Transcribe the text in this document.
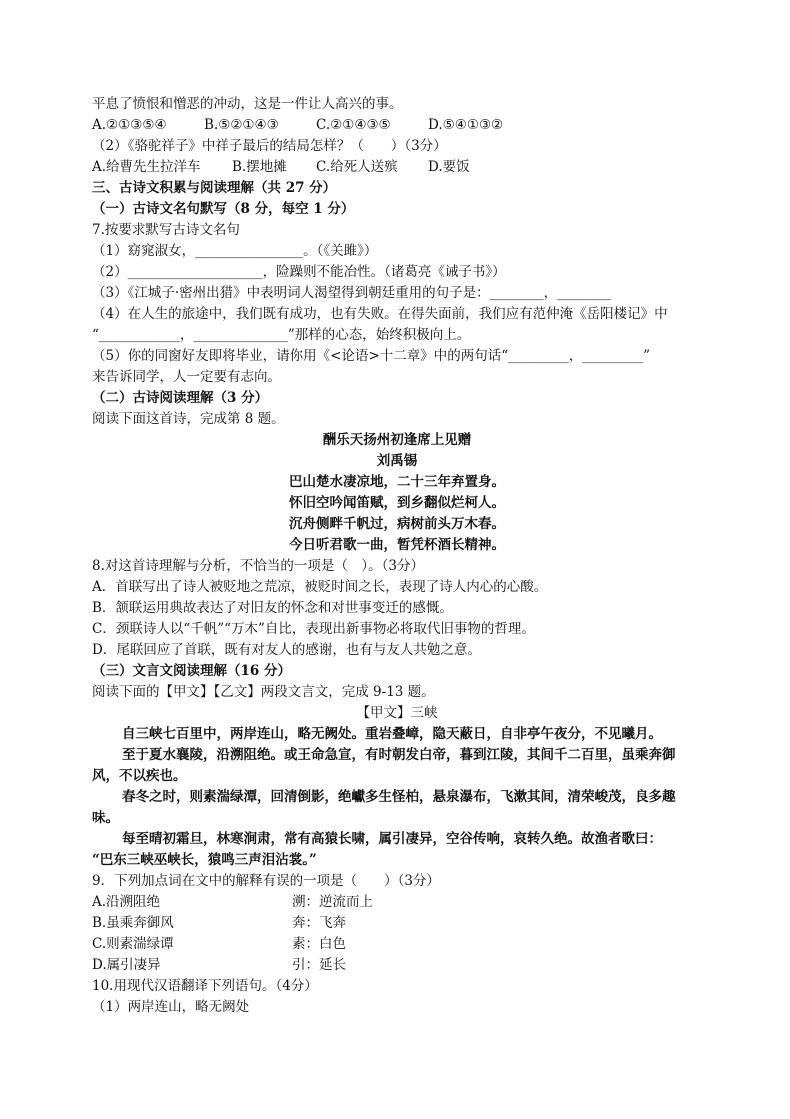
平息了愤恨和憎恶的冲动，这是一件让人高兴的事。
A.②①③⑤④	B.⑤②①④③	C.②①④③⑤	D.⑤④①③②
（2）《骆驼祥子》中祥子最后的结局怎样？（　　）（3分）
A.给曹先生拉洋车 B.摆地摊 C.给死人送殡 D.要饭
三、古诗文积累与阅读理解（共 27 分）
（一）古诗文名句默写（8 分，每空 1 分）
7.按要求默写古诗文名句
（1）窈窕淑女，________________。（《关雎》）
（2）____________________，险躁则不能冶性。（诸葛亮《诫子书》）
（3）《江城子·密州出猎》中表明词人渴望得到朝廷重用的句子是：________，________
（4）在人生的旅途中，我们既有成功，也有失败。在得失面前，我们应有范仲淹《岳阳楼记》中
“____________，______________”那样的心态，始终积极向上。
（5）你的同窗好友即将毕业，请你用《<论语>十二章》中的两句话“_________，_________”
来告诉同学，人一定要有志向。
（二）古诗阅读理解（3 分）
阅读下面这首诗，完成第 8 题。
酬乐天扬州初逢席上见赠
刘禹锡
巴山楚水凄凉地，二十三年弃置身。
怀旧空吟闻笛赋，到乡翻似烂柯人。
沉舟侧畔千帆过，病树前头万木春。
今日听君歌一曲，暂凭杯酒长精神。
8.对这首诗理解与分析，不恰当的一项是（　）。（3分）
A．首联写出了诗人被贬地之荒凉，被贬时间之长，表现了诗人内心的心酸。
B．颔联运用典故表达了对旧友的怀念和对世事变迁的感慨。
C．颈联诗人以“千帆”“万木”自比，表现出新事物必将取代旧事物的哲理。
D．尾联回应了首联，既有对友人的感谢，也有与友人共勉之意。
（三）文言文阅读理解（16 分）
阅读下面的【甲文】【乙文】两段文言文，完成 9-13 题。
【甲文】三峡
自三峡七百里中，两岸连山，略无阙处。重岩叠嶂，隐天蔽日，自非亭午夜分，不见曦月。
至于夏水襄陵，沿溯阻绝。或王命急宣，有时朝发白帝，暮到江陵，其间千二百里，虽乘奔御
风，不以疾也。
春冬之时，则素湍绿潭，回清倒影，绝巘多生怪柏，悬泉瀑布，飞漱其间，清荣峻茂，良多趣
味。
每至晴初霜旦，林寒涧肃，常有高猿长啸，属引凄异，空谷传响，哀转久绝。故渔者歌曰：
“巴东三峡巫峡长，猿鸣三声泪沾裳。”
9．下列加点词在文中的解释有误的一项是（　　）（3分）
A.沿溯阻绝	溯：逆流而上
B.虽乘奔御风	奔：飞奔
C.则素湍绿谭	素：白色
D.属引凄异	引：延长
10.用现代汉语翻译下列语句。（4分）
（1）两岸连山，略无阙处
